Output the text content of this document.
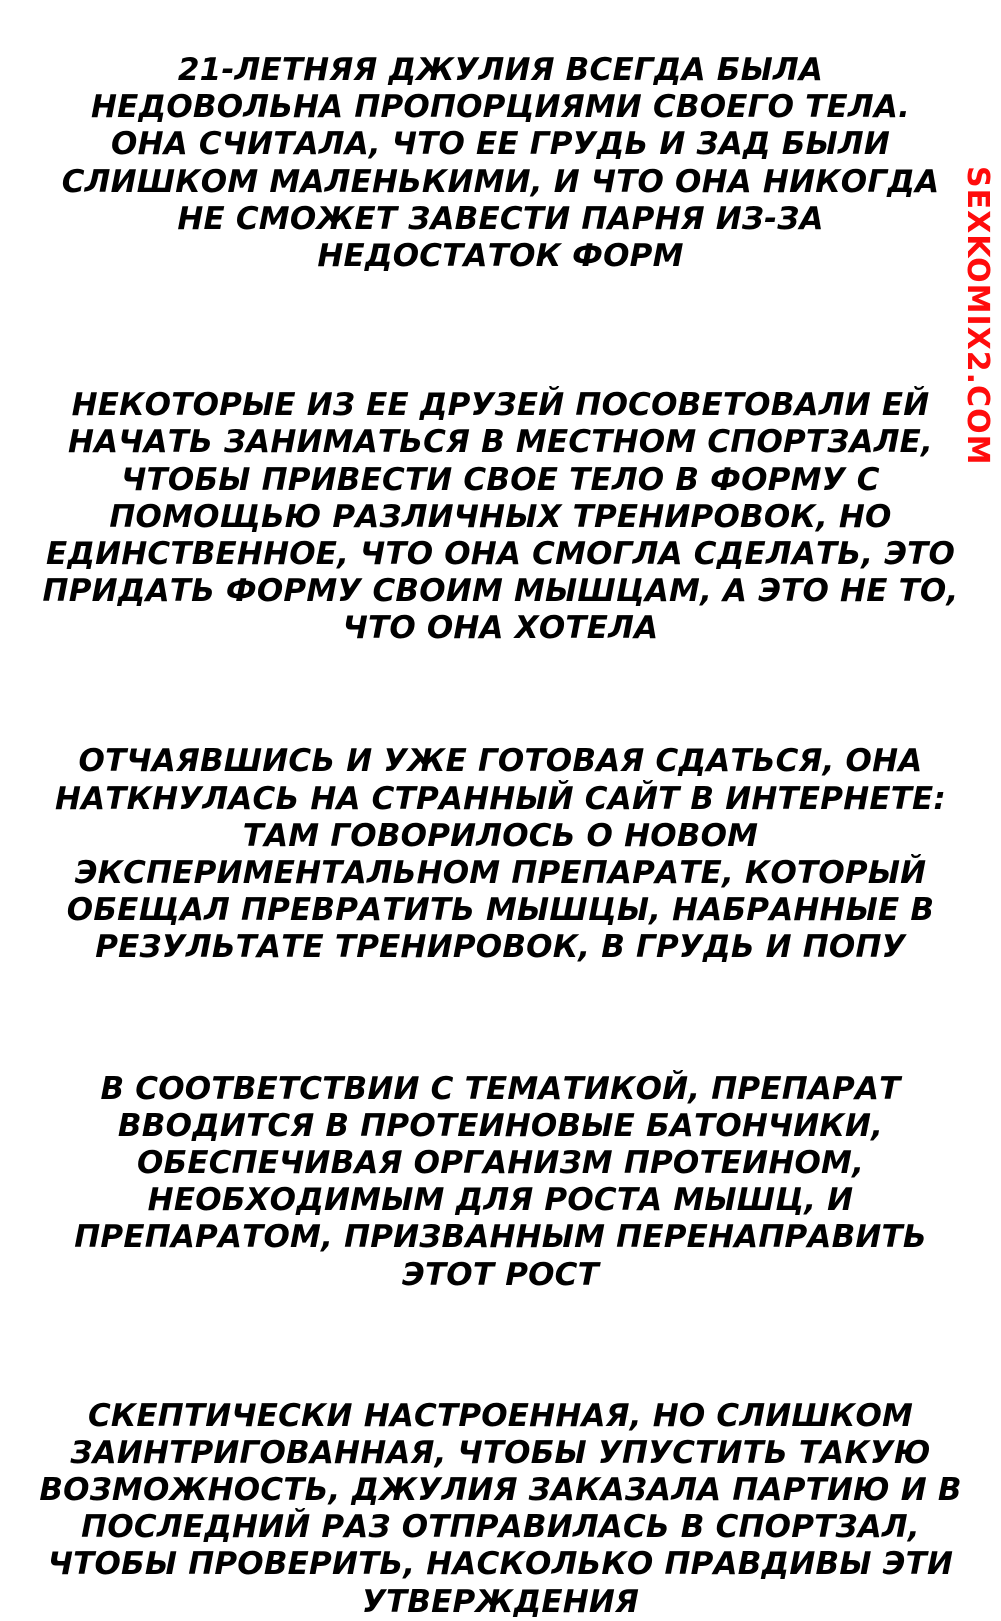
21-ЛЕТНЯЯ ДЖУЛИЯ ВСЕГДА БЫЛА НЕДОВОЛЬНА ПРОПОРЦИЯМИ СВОЕГО ТЕЛА. ОНА СЧИТАЛА, ЧТО ЕЕ ГРУДЬ И ЗАД БЫЛИ СЛИШКОМ МАЛЕНЬКИМИ, И ЧТО ОНА НИКОГДА НЕ СМОЖЕТ ЗАВЕСТИ ПАРНЯ ИЗ-ЗА НЕДОСТАТОК ФОРМ

НЕКОТОРЫЕ ИЗ ЕЕ ДРУЗЕЙ ПОСОВЕТОВАЛИ ЕЙ НАЧАТЬ ЗАНИМАТЬСЯ В МЕСТНОМ СПОРТЗАЛЕ, ЧТОБЫ ПРИВЕСТИ СВОЕ ТЕЛО В ФОРМУ С ПОМОЩЬЮ РАЗЛИЧНЫХ ТРЕНИРОВОК, НО ЕДИНСТВЕННОЕ, ЧТО ОНА СМОГЛА СДЕЛАТЬ, ЭТО ПРИДАТЬ ФОРМУ СВОИМ МЫШЦАМ, А ЭТО НЕ ТО, ЧТО ОНА ХОТЕЛА

ОТЧАЯВШИСЬ И УЖЕ ГОТОВАЯ СДАТЬСЯ, ОНА НАТКНУЛАСЬ НА СТРАННЫЙ САЙТ В ИНТЕРНЕТЕ: ТАМ ГОВОРИЛОСЬ О НОВОМ ЭКСПЕРИМЕНТАЛЬНОМ ПРЕПАРАТЕ, КОТОРЫЙ ОБЕЩАЛ ПРЕВРАТИТЬ МЫШЦЫ, НАБРАННЫЕ В РЕЗУЛЬТАТЕ ТРЕНИРОВОК, В ГРУДЬ И ПОПУ

В СООТВЕТСТВИИ С ТЕМАТИКОЙ, ПРЕПАРАТ ВВОДИТСЯ В ПРОТЕИНОВЫЕ БАТОНЧИКИ, ОБЕСПЕЧИВАЯ ОРГАНИЗМ ПРОТЕИНОМ, НЕОБХОДИМЫМ ДЛЯ РОСТА МЫШЦ, И ПРЕПАРАТОМ, ПРИЗВАННЫМ ПЕРЕНАПРАВИТЬ ЭТОТ РОСТ

СКЕПТИЧЕСКИ НАСТРОЕННАЯ, НО СЛИШКОМ ЗАИНТРИГОВАННАЯ, ЧТОБЫ УПУСТИТЬ ТАКУЮ ВОЗМОЖНОСТЬ, ДЖУЛИЯ ЗАКАЗАЛА ПАРТИЮ И В ПОСЛЕДНИЙ РАЗ ОТПРАВИЛАСЬ В СПОРТЗАЛ, ЧТОБЫ ПРОВЕРИТЬ, НАСКОЛЬКО ПРАВДИВЫ ЭТИ УТВЕРЖДЕНИЯ

SEXKOMIX2.COM
